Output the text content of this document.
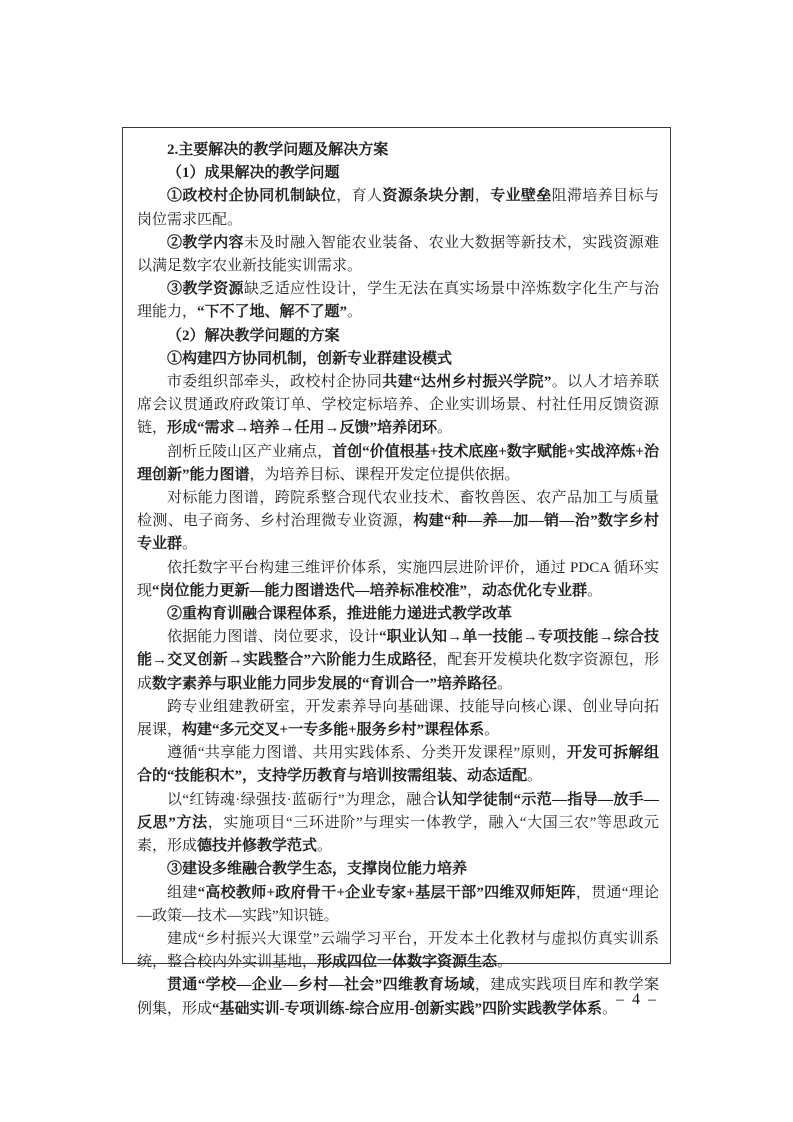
2.主要解决的教学问题及解决方案

（1）成果解决的教学问题

①政校村企协同机制缺位，育人资源条块分割，专业壁垒阻滞培养目标与岗位需求匹配。

②教学内容未及时融入智能农业装备、农业大数据等新技术，实践资源难以满足数字农业新技能实训需求。

③教学资源缺乏适应性设计，学生无法在真实场景中淬炼数字化生产与治理能力，“下不了地、解不了题”。

（2）解决教学问题的方案

①构建四方协同机制，创新专业群建设模式

市委组织部牵头，政校村企协同共建“达州乡村振兴学院”。以人才培养联席会议贯通政府政策订单、学校定标培养、企业实训场景、村社任用反馈资源链，形成“需求→培养→任用→反馈”培养闭环。

剖析丘陵山区产业痛点，首创“价值根基+技术底座+数字赋能+实战淬炼+治理创新”能力图谱，为培养目标、课程开发定位提供依据。

对标能力图谱，跨院系整合现代农业技术、畜牧兽医、农产品加工与质量检测、电子商务、乡村治理微专业资源，构建“种—养—加—销—治”数字乡村专业群。

依托数字平台构建三维评价体系，实施四层进阶评价，通过 PDCA 循环实现“岗位能力更新—能力图谱迭代—培养标准校准”，动态优化专业群。

②重构育训融合课程体系，推进能力递进式教学改革

依据能力图谱、岗位要求，设计“职业认知→单一技能→专项技能→综合技能→交叉创新→实践整合”六阶能力生成路径，配套开发模块化数字资源包，形成数字素养与职业能力同步发展的“育训合一”培养路径。

跨专业组建教研室，开发素养导向基础课、技能导向核心课、创业导向拓展课，构建“多元交叉+一专多能+服务乡村”课程体系。

遵循“共享能力图谱、共用实践体系、分类开发课程”原则，开发可拆解组合的“技能积木”，支持学历教育与培训按需组装、动态适配。

以“红铸魂·绿强技·蓝砺行”为理念，融合认知学徒制“示范—指导—放手—反思”方法，实施项目“三环进阶”与理实一体教学，融入“大国三农”等思政元素，形成德技并修教学范式。

③建设多维融合教学生态，支撑岗位能力培养

组建“高校教师+政府骨干+企业专家+基层干部”四维双师矩阵，贯通“理论—政策—技术—实践”知识链。

建成“乡村振兴大课堂”云端学习平台，开发本土化教材与虚拟仿真实训系统，整合校内外实训基地，形成四位一体数字资源生态。

贯通“学校—企业—乡村—社会”四维教育场域，建成实践项目库和教学案例集，形成“基础实训-专项训练-综合应用-创新实践”四阶实践教学体系。

– 4 –
